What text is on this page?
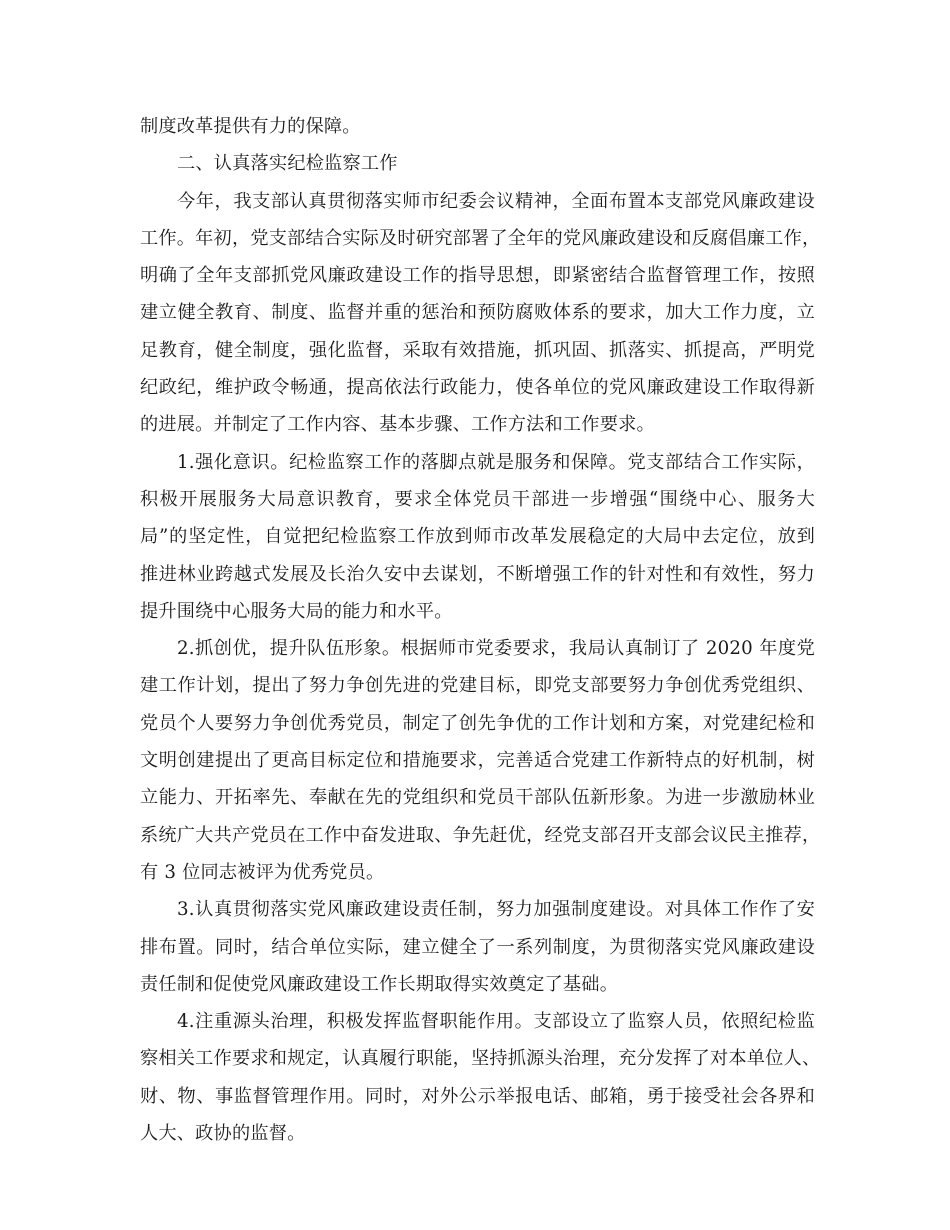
制度改革提供有力的保障。

二、认真落实纪检监察工作

今年，我支部认真贯彻落实师市纪委会议精神，全面布置本支部党风廉政建设
工作。年初，党支部结合实际及时研究部署了全年的党风廉政建设和反腐倡廉工作，
明确了全年支部抓党风廉政建设工作的指导思想，即紧密结合监督管理工作，按照
建立健全教育、制度、监督并重的惩治和预防腐败体系的要求，加大工作力度，立
足教育，健全制度，强化监督，采取有效措施，抓巩固、抓落实、抓提高，严明党
纪政纪，维护政令畅通，提高依法行政能力，使各单位的党风廉政建设工作取得新
的进展。并制定了工作内容、基本步骤、工作方法和工作要求。

1.强化意识。纪检监察工作的落脚点就是服务和保障。党支部结合工作实际，
积极开展服务大局意识教育，要求全体党员干部进一步增强“围绕中心、服务大
局”的坚定性，自觉把纪检监察工作放到师市改革发展稳定的大局中去定位，放到
推进林业跨越式发展及长治久安中去谋划，不断增强工作的针对性和有效性，努力
提升围绕中心服务大局的能力和水平。

2.抓创优，提升队伍形象。根据师市党委要求，我局认真制订了 2020 年度党
建工作计划，提出了努力争创先进的党建目标，即党支部要努力争创优秀党组织、
党员个人要努力争创优秀党员，制定了创先争优的工作计划和方案，对党建纪检和
文明创建提出了更高目标定位和措施要求，完善适合党建工作新特点的好机制，树
立能力、开拓率先、奉献在先的党组织和党员干部队伍新形象。为进一步激励林业
系统广大共产党员在工作中奋发进取、争先赶优，经党支部召开支部会议民主推荐，
有 3 位同志被评为优秀党员。

3.认真贯彻落实党风廉政建设责任制，努力加强制度建设。对具体工作作了安
排布置。同时，结合单位实际，建立健全了一系列制度，为贯彻落实党风廉政建设
责任制和促使党风廉政建设工作长期取得实效奠定了基础。

4.注重源头治理，积极发挥监督职能作用。支部设立了监察人员，依照纪检监
察相关工作要求和规定，认真履行职能，坚持抓源头治理，充分发挥了对本单位人、
财、物、事监督管理作用。同时，对外公示举报电话、邮箱，勇于接受社会各界和
人大、政协的监督。
